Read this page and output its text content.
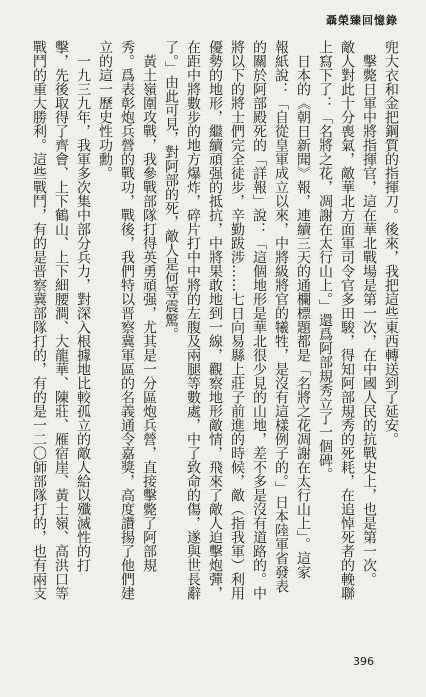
聶榮臻回憶錄
兜大衣和金把鋼質的指揮刀。後來，我把這些東西轉送到了延安。
　擊斃日軍中將指揮官，這在華北戰場是第一次，在中國人民的抗戰史上，也是第一次。
敵人對此十分喪氣，敵華北方面軍司令官多田駿，得知阿部規秀的死耗，在追悼死者的輓聯
上寫下了：「名將之花，凋謝在太行山上。」還爲阿部規秀立了一個碑。
　日本的《朝日新聞》報，連續三天的通欄標題都是「名將之花凋謝在太行山上」。這家
報紙說：「自從皇軍成立以來，中將級將官的犧牲，是沒有這樣例子的。」日本陸軍省發表
的關於阿部殿死的「詳報」說：「這個地形是華北很少見的山地，差不多是沒有道路的。中
將以下的將士們完全徒步，辛勤跋涉……七日向易縣上莊子前進的時候，敵（指我軍）利用
優勢的地形，繼續頑强的抵抗，中將果敢地到一線，觀察地形敵情，飛來了敵人迫擊炮彈，
在距中將數步的地方爆炸，碎片打中中將的左腹及兩腿等數處，中了致命的傷，遂與世長辭
了。」由此可見，對阿部的死，敵人是何等震驚。
　黃土嶺圍攻戰，我參戰部隊打得英勇頑强，尤其是一分區炮兵營，直接擊斃了阿部規
秀。爲表彰炮兵營的戰功，戰後，我們特以晋察冀軍區的名義通令嘉獎，高度讚揚了他們建
立的這一歷史性功勳。
　一九三九年，我軍多次集中部分兵力，對深入根據地比較孤立的敵人給以殲滅性的打
擊，先後取得了齊會、上下鶴山、上下細腰澗、大龍華、陳莊、雁宿崖、黃土嶺、高洪口等
戰鬥的重大勝利。這些戰鬥，有的是晋察冀部隊打的，有的是一二〇師部隊打的，也有兩支
396
